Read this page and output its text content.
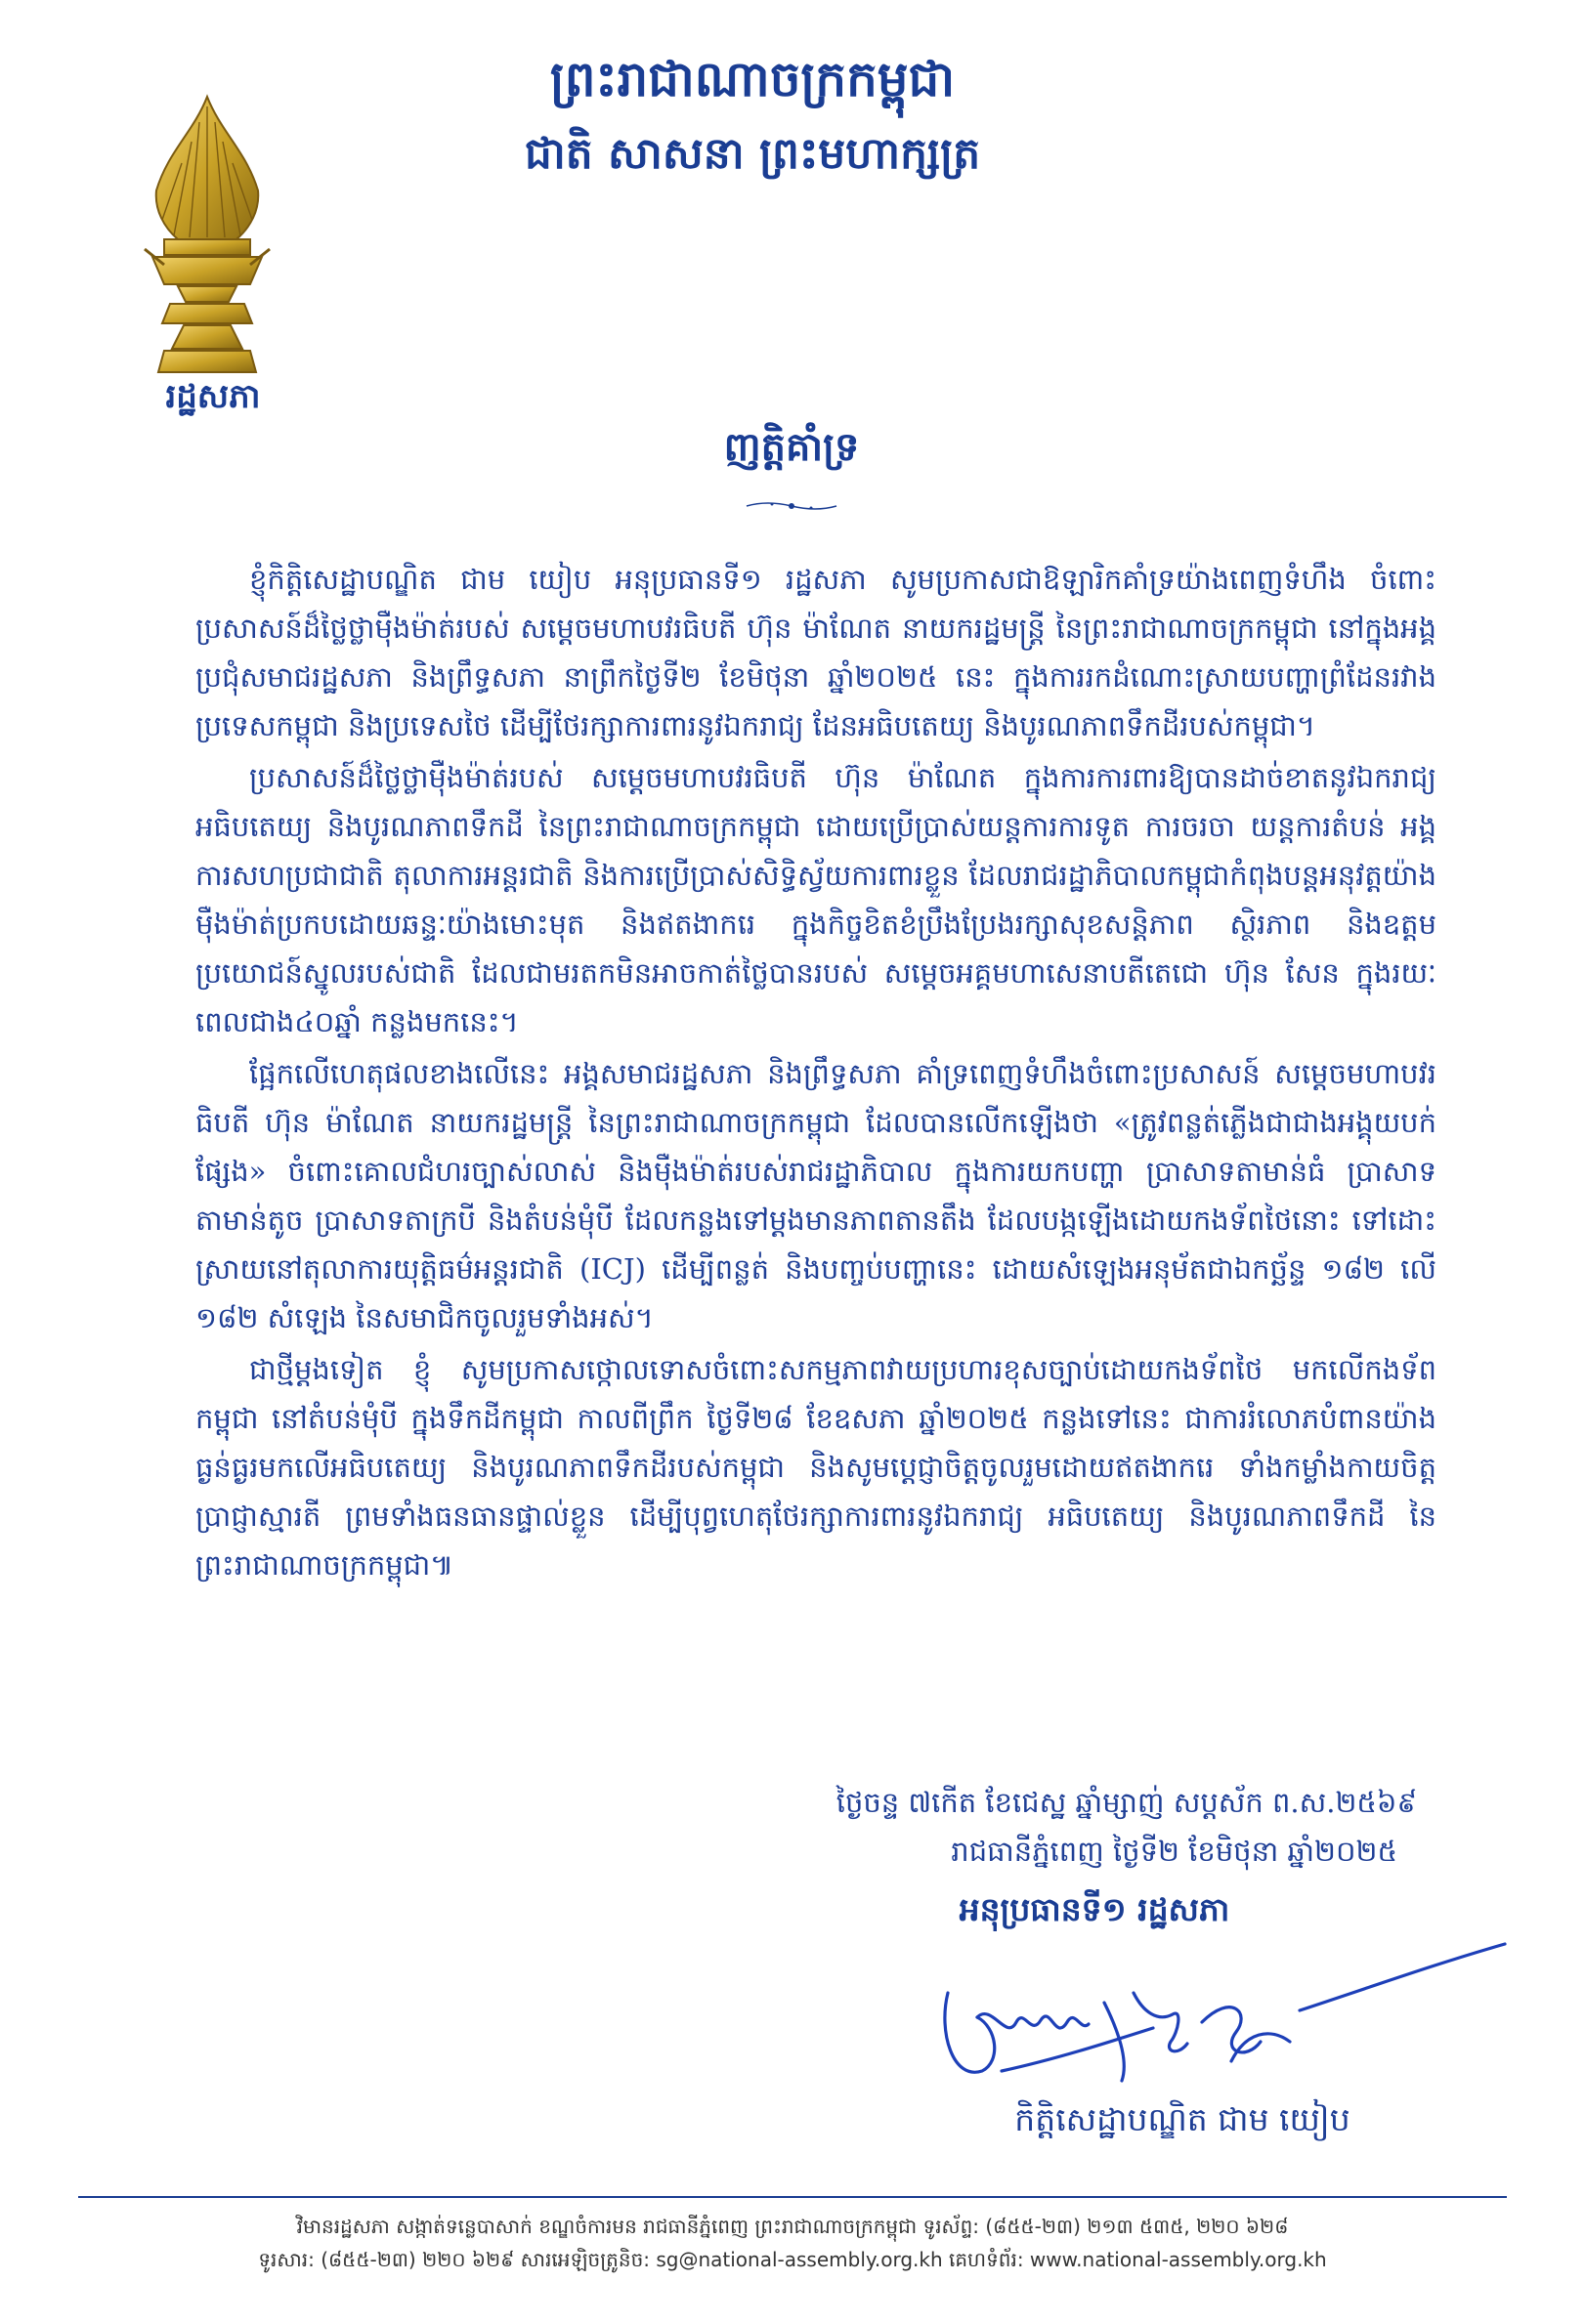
រដ្ឋសភា
ព្រះរាជាណាចក្រកម្ពុជា
ជាតិ សាសនា ព្រះមហាក្សត្រ
ញត្តិគាំទ្រ

ខ្ញុំកិត្តិសេដ្ឋាបណ្ឌិត ជាម យៀប អនុប្រធានទី១ រដ្ឋសភា សូមប្រកាសជាឱឡារិកគាំទ្រយ៉ាងពេញទំហឹង ចំពោះប្រសាសន៍ដ៏ថ្លៃថ្លាម៉ឺងម៉ាត់របស់ សម្តេចមហាបវរធិបតី ហ៊ុន ម៉ាណែត នាយករដ្ឋមន្ត្រី នៃព្រះរាជាណាចក្រកម្ពុជា នៅក្នុងអង្គប្រជុំសមាជរដ្ឋសភា និងព្រឹទ្ធសភា នាព្រឹកថ្ងៃទី២ ខែមិថុនា ឆ្នាំ២០២៥ នេះ ក្នុងការរកដំណោះស្រាយបញ្ហាព្រំដែនរវាងប្រទេសកម្ពុជា និងប្រទេសថៃ ដើម្បីថែរក្សាការពារនូវឯករាជ្យ ដែនអធិបតេយ្យ និងបូរណភាពទឹកដីរបស់កម្ពុជា។

ប្រសាសន៍ដ៏ថ្លៃថ្លាម៉ឺងម៉ាត់របស់ សម្តេចមហាបវរធិបតី ហ៊ុន ម៉ាណែត ក្នុងការការពារឱ្យបានដាច់ខាតនូវឯករាជ្យ អធិបតេយ្យ និងបូរណភាពទឹកដី នៃព្រះរាជាណាចក្រកម្ពុជា ដោយប្រើប្រាស់យន្តការការទូត ការចរចា យន្តការតំបន់ អង្គការសហប្រជាជាតិ តុលាការអន្តរជាតិ និងការប្រើប្រាស់សិទ្ធិស្វ័យការពារខ្លួន ដែលរាជរដ្ឋាភិបាលកម្ពុជាកំពុងបន្តអនុវត្តយ៉ាងម៉ឺងម៉ាត់ប្រកបដោយឆន្ទៈយ៉ាងមោះមុត និងឥតងាករេ ក្នុងកិច្ចខិតខំប្រឹងប្រែងរក្សាសុខសន្តិភាព ស្ថិរភាព និងឧត្តមប្រយោជន៍ស្នូលរបស់ជាតិ ដែលជាមរតកមិនអាចកាត់ថ្លៃបានរបស់ សម្តេចអគ្គមហាសេនាបតីតេជោ ហ៊ុន សែន ក្នុងរយៈពេលជាង៤០ឆ្នាំ កន្លងមកនេះ។

ផ្អែកលើហេតុផលខាងលើនេះ អង្គសមាជរដ្ឋសភា និងព្រឹទ្ធសភា គាំទ្រពេញទំហឹងចំពោះប្រសាសន៍ សម្តេចមហាបវរធិបតី ហ៊ុន ម៉ាណែត នាយករដ្ឋមន្ត្រី នៃព្រះរាជាណាចក្រកម្ពុជា ដែលបានលើកឡើងថា «ត្រូវពន្លត់ភ្លើងជាជាងអង្គុយបក់ផ្សែង» ចំពោះគោលជំហរច្បាស់លាស់ និងម៉ឺងម៉ាត់របស់រាជរដ្ឋាភិបាល ក្នុងការយកបញ្ហា ប្រាសាទតាមាន់ធំ ប្រាសាទតាមាន់តូច ប្រាសាទតាក្របី និងតំបន់មុំបី ដែលកន្លងទៅម្តងមានភាពតានតឹង ដែលបង្កឡើងដោយកងទ័ពថៃនោះ ទៅដោះស្រាយនៅតុលាការយុត្តិធម៌អន្តរជាតិ (ICJ) ដើម្បីពន្លត់ និងបញ្ចប់បញ្ហានេះ ដោយសំឡេងអនុម័តជាឯកច្ឆ័ន្ទ ១៨២ លើ ១៨២ សំឡេង នៃសមាជិកចូលរួមទាំងអស់។

ជាថ្មីម្តងទៀត ខ្ញុំ សូមប្រកាសថ្កោលទោសចំពោះសកម្មភាពវាយប្រហារខុសច្បាប់ដោយកងទ័ពថៃ មកលើកងទ័ពកម្ពុជា នៅតំបន់មុំបី ក្នុងទឹកដីកម្ពុជា កាលពីព្រឹក ថ្ងៃទី២៨ ខែឧសភា ឆ្នាំ២០២៥ កន្លងទៅនេះ ជាការរំលោភបំពានយ៉ាងធ្ងន់ធ្ងរមកលើអធិបតេយ្យ និងបូរណភាពទឹកដីរបស់កម្ពុជា និងសូមប្តេជ្ញាចិត្តចូលរួមដោយឥតងាករេ ទាំងកម្លាំងកាយចិត្ត ប្រាជ្ញាស្មារតី ព្រមទាំងធនធានផ្ទាល់ខ្លួន ដើម្បីបុព្វហេតុថែរក្សាការពារនូវឯករាជ្យ អធិបតេយ្យ និងបូរណភាពទឹកដី នៃព្រះរាជាណាចក្រកម្ពុជា៕

ថ្ងៃចន្ទ ៧កើត ខែជេស្ឋ ឆ្នាំម្សាញ់ សប្តស័ក ព.ស.២៥៦៩
រាជធានីភ្នំពេញ ថ្ងៃទី២ ខែមិថុនា ឆ្នាំ២០២៥
អនុប្រធានទី១ រដ្ឋសភា
កិត្តិសេដ្ឋាបណ្ឌិត ជាម យៀប
វិមានរដ្ឋសភា សង្កាត់ទន្លេបាសាក់ ខណ្ឌចំការមន រាជធានីភ្នំពេញ ព្រះរាជាណាចក្រកម្ពុជា ទូរស័ព្ទ: (៨៥៥-២៣) ២១៣ ៥៣៥, ២២០ ៦២៨
ទូរសារ: (៨៥៥-២៣) ២២០ ៦២៩ សារអេឡិចត្រូនិច: sg@national-assembly.org.kh គេហទំព័រ: www.national-assembly.org.kh
